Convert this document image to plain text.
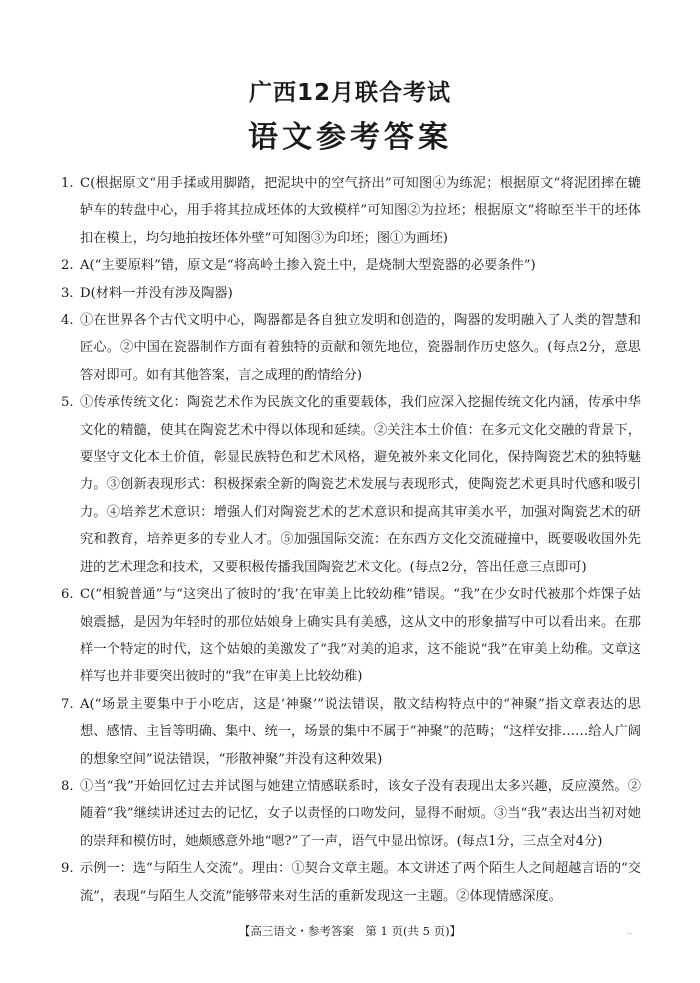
广西12月联合考试
语文参考答案
1. C(根据原文“用手揉或用脚踏，把泥块中的空气挤出”可知图④为练泥；根据原文“将泥团摔在辘轳车的转盘中心，用手将其拉成坯体的大致模样”可知图②为拉坯；根据原文“将晾至半干的坯体扣在模上，均匀地拍按坯体外壁”可知图③为印坯；图①为画坯)
2. A(“主要原料”错，原文是“将高岭土掺入瓷土中，是烧制大型瓷器的必要条件”)
3. D(材料一并没有涉及陶器)
4. ①在世界各个古代文明中心，陶器都是各自独立发明和创造的，陶器的发明融入了人类的智慧和匠心。②中国在瓷器制作方面有着独特的贡献和领先地位，瓷器制作历史悠久。(每点2分，意思答对即可。如有其他答案，言之成理的酌情给分)
5. ①传承传统文化：陶瓷艺术作为民族文化的重要载体，我们应深入挖掘传统文化内涵，传承中华文化的精髓，使其在陶瓷艺术中得以体现和延续。②关注本土价值：在多元文化交融的背景下，要坚守文化本土价值，彰显民族特色和艺术风格，避免被外来文化同化，保持陶瓷艺术的独特魅力。③创新表现形式：积极探索全新的陶瓷艺术发展与表现形式，使陶瓷艺术更具时代感和吸引力。④培养艺术意识：增强人们对陶瓷艺术的艺术意识和提高其审美水平，加强对陶瓷艺术的研究和教育，培养更多的专业人才。⑤加强国际交流：在东西方文化交流碰撞中，既要吸收国外先进的艺术理念和技术，又要积极传播我国陶瓷艺术文化。(每点2分，答出任意三点即可)
6. C(“相貌普通”与“这突出了彼时的‘我’在审美上比较幼稚”错误。“我”在少女时代被那个炸馃子姑娘震撼，是因为年轻时的那位姑娘身上确实具有美感，这从文中的形象描写中可以看出来。在那样一个特定的时代，这个姑娘的美激发了“我”对美的追求，这不能说“我”在审美上幼稚。文章这样写也并非要突出彼时的“我”在审美上比较幼稚)
7. A(“场景主要集中于小吃店，这是‘神聚’”说法错误，散文结构特点中的“神聚”指文章表达的思想、感情、主旨等明确、集中、统一，场景的集中不属于“神聚”的范畴；“这样安排……给人广阔的想象空间”说法错误，“形散神聚”并没有这种效果)
8. ①当“我”开始回忆过去并试图与她建立情感联系时，该女子没有表现出太多兴趣，反应漠然。②随着“我”继续讲述过去的记忆，女子以责怪的口吻发问，显得不耐烦。③当“我”表达出当初对她的崇拜和模仿时，她颇感意外地“嗯?”了一声，语气中显出惊讶。(每点1分，三点全对4分)
9. 示例一：选“与陌生人交流”。理由：①契合文章主题。本文讲述了两个陌生人之间超越言语的“交流”，表现“与陌生人交流”能够带来对生活的重新发现这一主题。②体现情感深度。
【高三语文・参考答案　第 1 页(共 5 页)】	..
